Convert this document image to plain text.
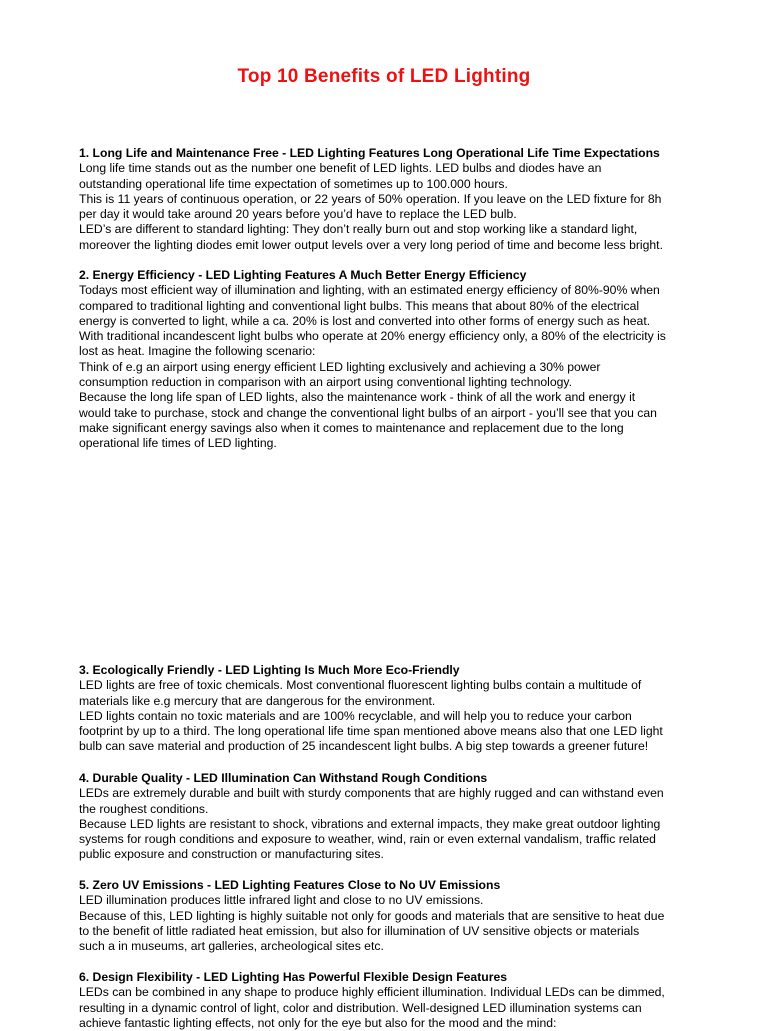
Top 10 Benefits of LED Lighting
1. Long Life and Maintenance Free - LED Lighting Features Long Operational Life Time Expectations
Long life time stands out as the number one benefit of LED lights. LED bulbs and diodes have an
outstanding operational life time expectation of sometimes up to 100.000 hours.
This is 11 years of continuous operation, or 22 years of 50% operation. If you leave on the LED fixture for 8h
per day it would take around 20 years before you’d have to replace the LED bulb.
LED’s are different to standard lighting: They don’t really burn out and stop working like a standard light,
moreover the lighting diodes emit lower output levels over a very long period of time and become less bright.
2. Energy Efficiency - LED Lighting Features A Much Better Energy Efficiency
Todays most efficient way of illumination and lighting, with an estimated energy efficiency of 80%-90% when
compared to traditional lighting and conventional light bulbs. This means that about 80% of the electrical
energy is converted to light, while a ca. 20% is lost and converted into other forms of energy such as heat.
With traditional incandescent light bulbs who operate at 20% energy efficiency only, a 80% of the electricity is
lost as heat. Imagine the following scenario:
Think of e.g an airport using energy efficient LED lighting exclusively and achieving a 30% power
consumption reduction in comparison with an airport using conventional lighting technology.
Because the long life span of LED lights, also the maintenance work - think of all the work and energy it
would take to purchase, stock and change the conventional light bulbs of an airport - you’ll see that you can
make significant energy savings also when it comes to maintenance and replacement due to the long
operational life times of LED lighting.
3. Ecologically Friendly - LED Lighting Is Much More Eco-Friendly
LED lights are free of toxic chemicals. Most conventional fluorescent lighting bulbs contain a multitude of
materials like e.g mercury that are dangerous for the environment.
LED lights contain no toxic materials and are 100% recyclable, and will help you to reduce your carbon
footprint by up to a third. The long operational life time span mentioned above means also that one LED light
bulb can save material and production of 25 incandescent light bulbs. A big step towards a greener future!
4. Durable Quality - LED Illumination Can Withstand Rough Conditions
LEDs are extremely durable and built with sturdy components that are highly rugged and can withstand even
the roughest conditions.
Because LED lights are resistant to shock, vibrations and external impacts, they make great outdoor lighting
systems for rough conditions and exposure to weather, wind, rain or even external vandalism, traffic related
public exposure and construction or manufacturing sites.
5. Zero UV Emissions - LED Lighting Features Close to No UV Emissions
LED illumination produces little infrared light and close to no UV emissions.
Because of this, LED lighting is highly suitable not only for goods and materials that are sensitive to heat due
to the benefit of little radiated heat emission, but also for illumination of UV sensitive objects or materials
such a in museums, art galleries, archeological sites etc.
6. Design Flexibility - LED Lighting Has Powerful Flexible Design Features
LEDs can be combined in any shape to produce highly efficient illumination. Individual LEDs can be dimmed,
resulting in a dynamic control of light, color and distribution. Well-designed LED illumination systems can
achieve fantastic lighting effects, not only for the eye but also for the mood and the mind:
